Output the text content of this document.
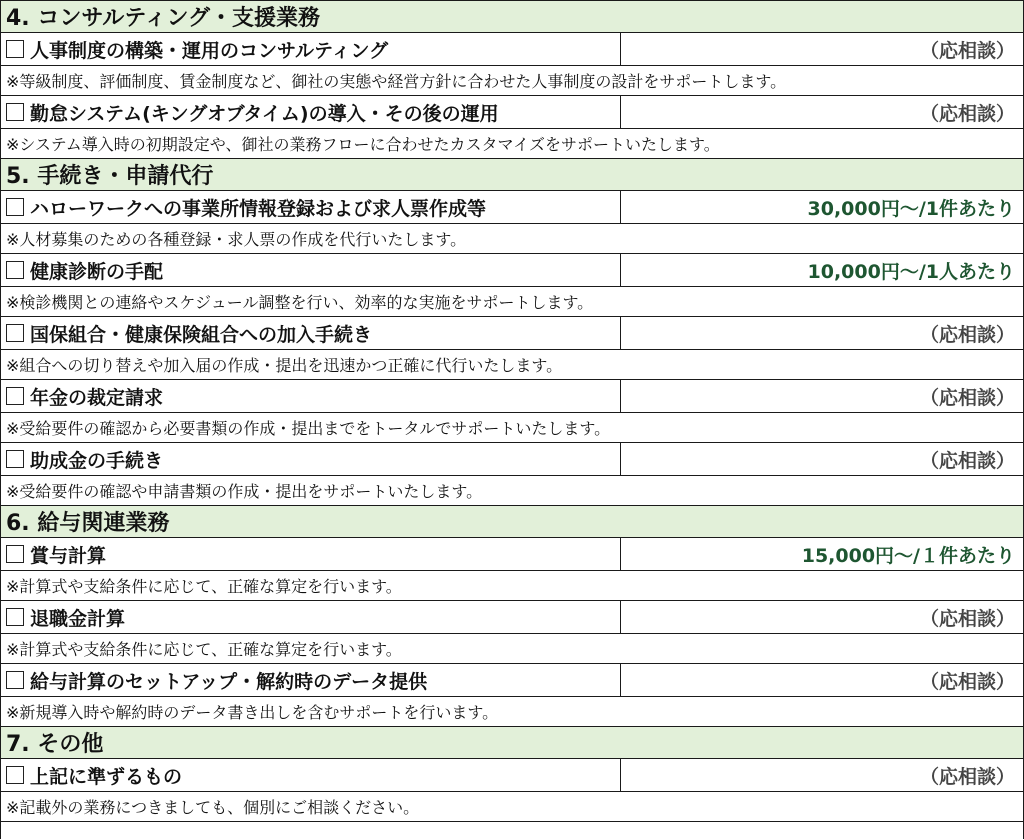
4. コンサルティング・支援業務
人事制度の構築・運用のコンサルティング	（応相談）
※等級制度、評価制度、賃金制度など、御社の実態や経営方針に合わせた人事制度の設計をサポートします。
勤怠システム(キングオブタイム)の導入・その後の運用	（応相談）
※システム導入時の初期設定や、御社の業務フローに合わせたカスタマイズをサポートいたします。
5. 手続き・申請代行
ハローワークへの事業所情報登録および求人票作成等	30,000円〜/1件あたり
※人材募集のための各種登録・求人票の作成を代行いたします。
健康診断の手配	10,000円〜/1人あたり
※検診機関との連絡やスケジュール調整を行い、効率的な実施をサポートします。
国保組合・健康保険組合への加入手続き	（応相談）
※組合への切り替えや加入届の作成・提出を迅速かつ正確に代行いたします。
年金の裁定請求	（応相談）
※受給要件の確認から必要書類の作成・提出までをトータルでサポートいたします。
助成金の手続き	（応相談）
※受給要件の確認や申請書類の作成・提出をサポートいたします。
6. 給与関連業務
賞与計算	15,000円〜/１件あたり
※計算式や支給条件に応じて、正確な算定を行います。
退職金計算	（応相談）
※計算式や支給条件に応じて、正確な算定を行います。
給与計算のセットアップ・解約時のデータ提供	（応相談）
※新規導入時や解約時のデータ書き出しを含むサポートを行います。
7. その他
上記に準ずるもの	（応相談）
※記載外の業務につきましても、個別にご相談ください。
